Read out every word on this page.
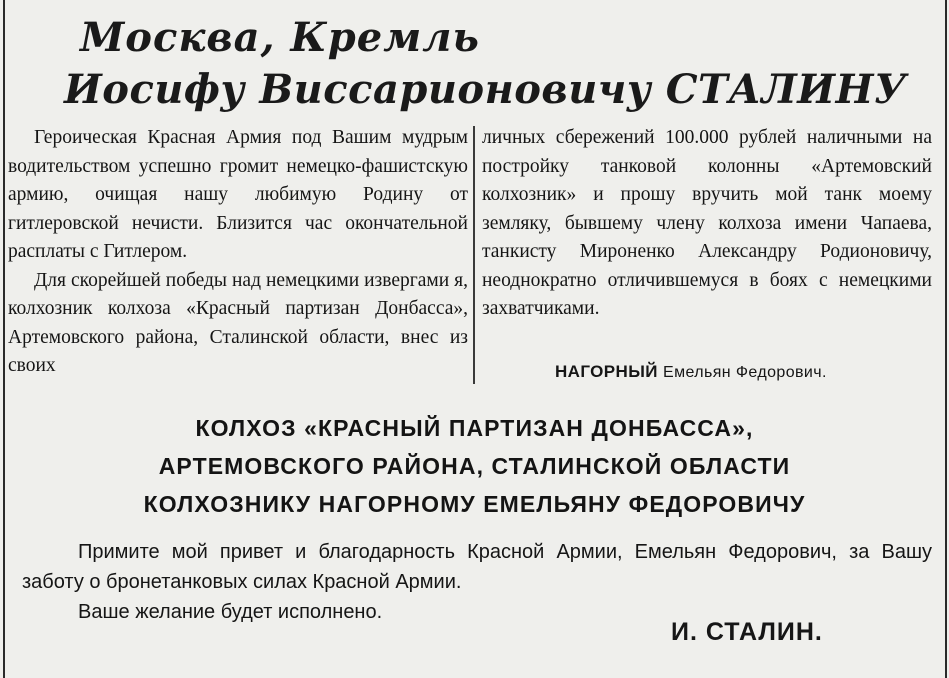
Москва, Кремль
Иосифу Виссарионовичу СТАЛИНУ

Героическая Красная Армия под Вашим мудрым водительством успешно громит немецко-фашистскую армию, очищая нашу любимую Родину от гитлеровской нечисти. Близится час окончательной расплаты с Гитлером.

Для скорейшей победы над немецкими извергами я, колхозник колхоза «Красный партизан Донбасса», Артемовского района, Сталинской области, внес из своих

личных сбережений 100.000 рублей наличными на постройку танковой колонны «Артемовский колхозник» и прошу вручить мой танк моему земляку, бывшему члену колхоза имени Чапаева, танкисту Мироненко Александру Родионовичу, неоднократно отличившемуся в боях с немецкими захватчиками.

НАГОРНЫЙ Емельян Федорович.
КОЛХОЗ «КРАСНЫЙ ПАРТИЗАН ДОНБАССА»,
АРТЕМОВСКОГО РАЙОНА, СТАЛИНСКОЙ ОБЛАСТИ
КОЛХОЗНИКУ НАГОРНОМУ ЕМЕЛЬЯНУ ФЕДОРОВИЧУ

Примите мой привет и благодарность Красной Армии, Емельян Федорович, за Вашу заботу о бронетанковых силах Красной Армии.

Ваше желание будет исполнено.

И. СТАЛИН.
